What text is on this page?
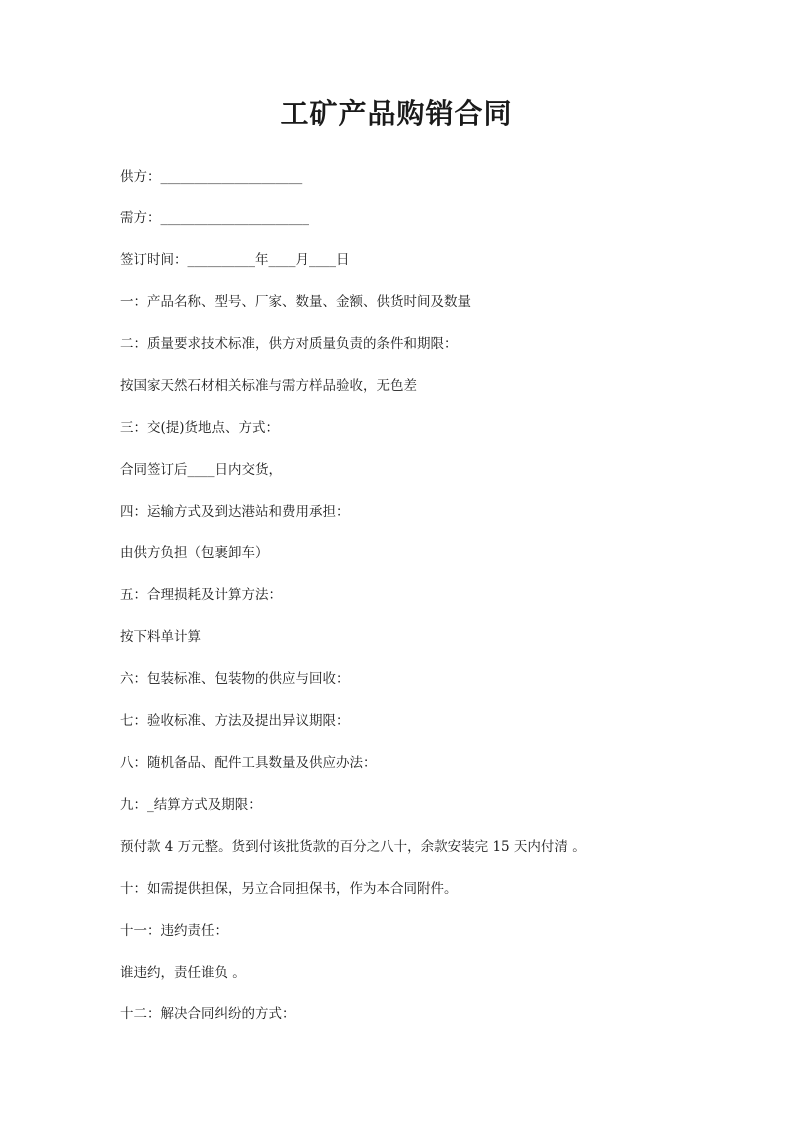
工矿产品购销合同
供方：_____________________
需方：______________________
签订时间：__________年____月____日
一：产品名称、型号、厂家、数量、金额、供货时间及数量
二：质量要求技术标准，供方对质量负责的条件和期限：
按国家天然石材相关标准与需方样品验收，无色差
三：交(提)货地点、方式：
合同签订后____日内交货，
四：运输方式及到达港站和费用承担：
由供方负担（包裹卸车）
五：合理损耗及计算方法：
按下料单计算
六：包装标准、包装物的供应与回收：
七：验收标准、方法及提出异议期限：
八：随机备品、配件工具数量及供应办法：
九：_结算方式及期限：
预付款 4 万元整。货到付该批货款的百分之八十，余款安装完 15 天内付清 。
十：如需提供担保，另立合同担保书，作为本合同附件。
十一：违约责任：
谁违约，责任谁负 。
十二：解决合同纠纷的方式：
